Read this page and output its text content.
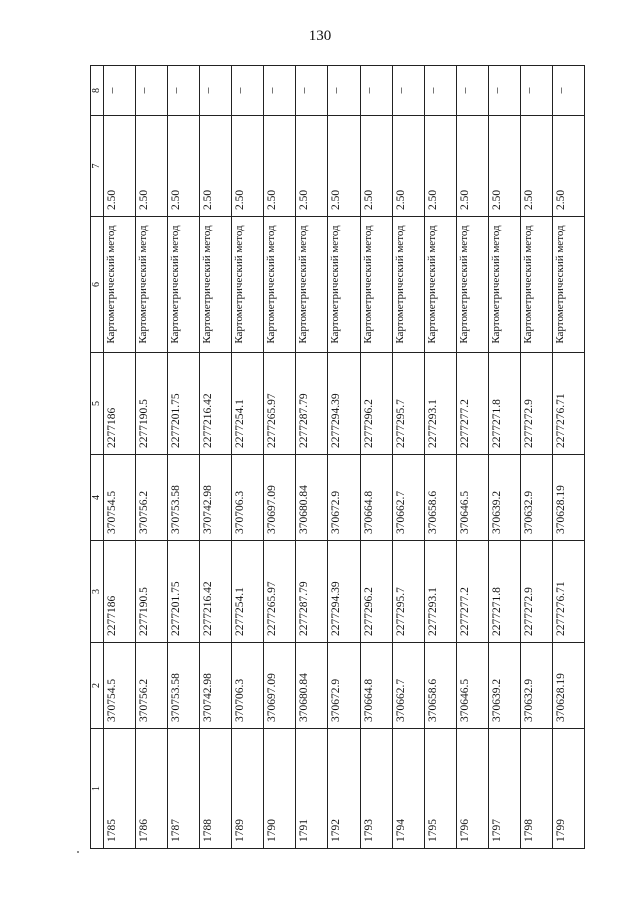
130
1	2	3	4	5	6	7	8
1785	370754.5	2277186	370754.5	2277186	Картометрический метод	2.50	–
1786	370756.2	2277190.5	370756.2	2277190.5	Картометрический метод	2.50	–
1787	370753.58	2277201.75	370753.58	2277201.75	Картометрический метод	2.50	–
1788	370742.98	2277216.42	370742.98	2277216.42	Картометрический метод	2.50	–
1789	370706.3	2277254.1	370706.3	2277254.1	Картометрический метод	2.50	–
1790	370697.09	2277265.97	370697.09	2277265.97	Картометрический метод	2.50	–
1791	370680.84	2277287.79	370680.84	2277287.79	Картометрический метод	2.50	–
1792	370672.9	2277294.39	370672.9	2277294.39	Картометрический метод	2.50	–
1793	370664.8	2277296.2	370664.8	2277296.2	Картометрический метод	2.50	–
1794	370662.7	2277295.7	370662.7	2277295.7	Картометрический метод	2.50	–
1795	370658.6	2277293.1	370658.6	2277293.1	Картометрический метод	2.50	–
1796	370646.5	2277277.2	370646.5	2277277.2	Картометрический метод	2.50	–
1797	370639.2	2277271.8	370639.2	2277271.8	Картометрический метод	2.50	–
1798	370632.9	2277272.9	370632.9	2277272.9	Картометрический метод	2.50	–
1799	370628.19	2277276.71	370628.19	2277276.71	Картометрический метод	2.50	–
